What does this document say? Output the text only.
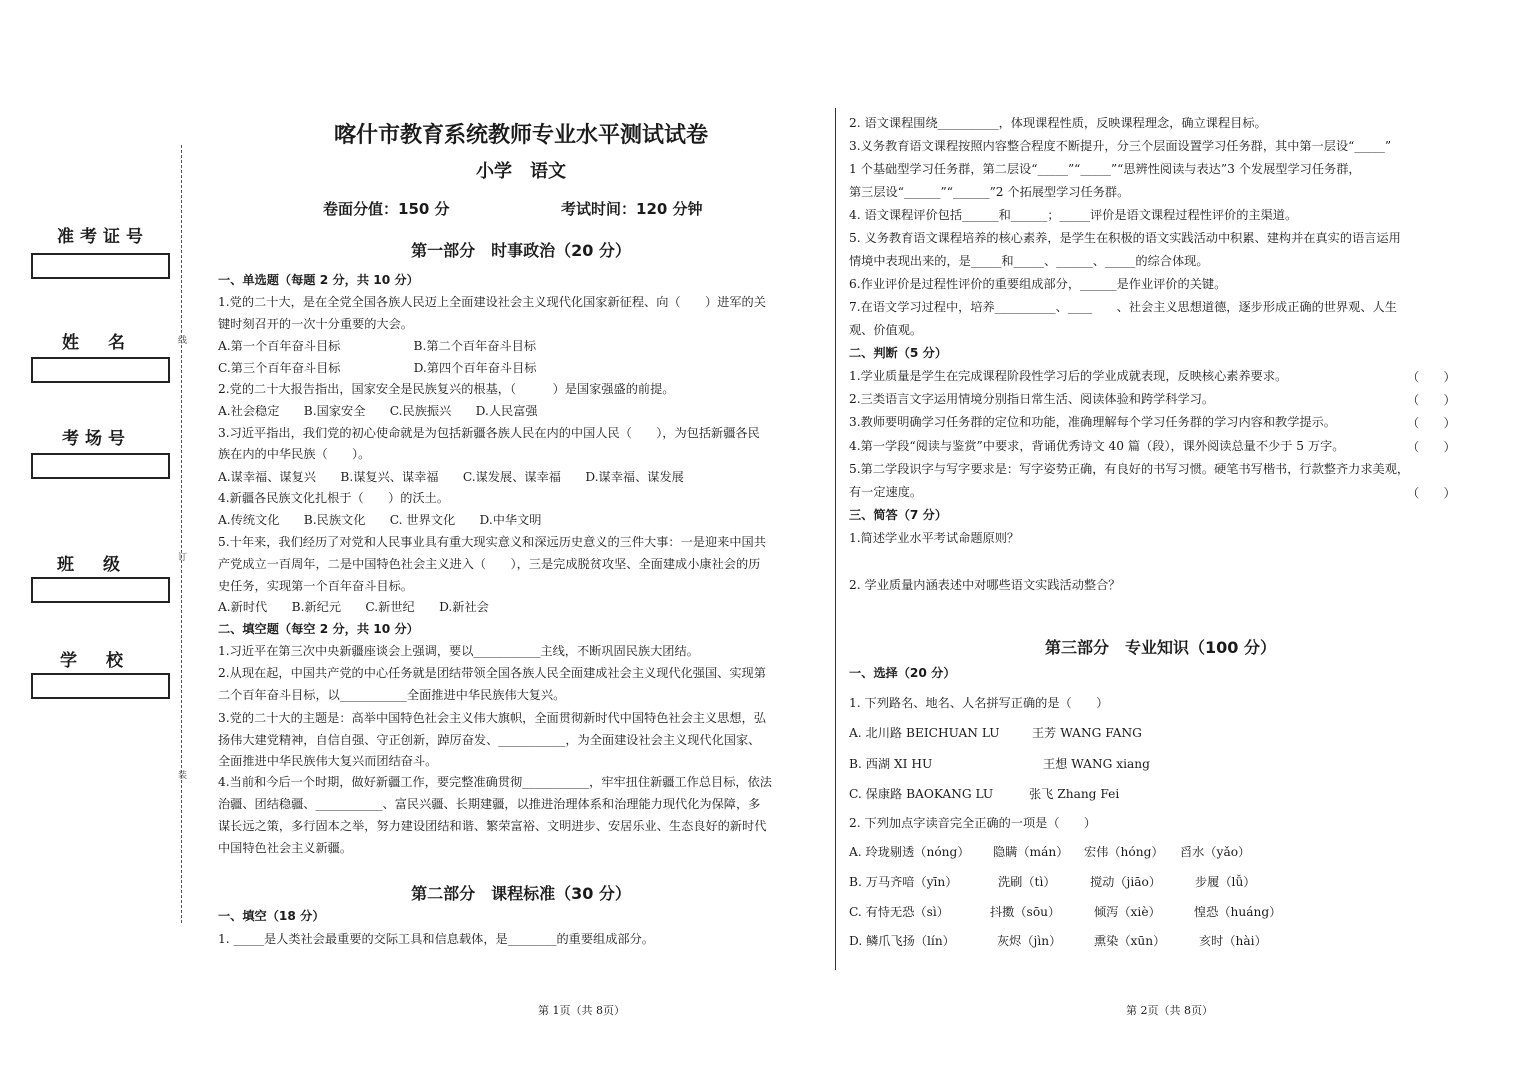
准考证号
姓　名
考场号
班　级
学　校
线
订
装
喀什市教育系统教师专业水平测试试卷
小学　语文
卷面分值：150 分	考试时间：120 分钟
第一部分　时事政治（20 分）
一、单选题（每题 2 分，共 10 分）
1.党的二十大，是在全党全国各族人民迈上全面建设社会主义现代化国家新征程、向（　　）进军的关
键时刻召开的一次十分重要的大会。
A.第一个百年奋斗目标　　　　　　B.第二个百年奋斗目标
C.第三个百年奋斗目标　　　　　　D.第四个百年奋斗目标
2.党的二十大报告指出，国家安全是民族复兴的根基，（　　　）是国家强盛的前提。
A.社会稳定　　B.国家安全　　C.民族振兴　　D.人民富强
3.习近平指出，我们党的初心使命就是为包括新疆各族人民在内的中国人民（　　），为包括新疆各民
族在内的中华民族（　　）。
A.谋幸福、谋复兴　　B.谋复兴、谋幸福　　C.谋发展、谋幸福　　D.谋幸福、谋发展
4.新疆各民族文化扎根于（　　）的沃土。
A.传统文化　　B.民族文化　　C. 世界文化　　D.中华文明
5.十年来，我们经历了对党和人民事业具有重大现实意义和深远历史意义的三件大事：一是迎来中国共
产党成立一百周年，二是中国特色社会主义进入（　　），三是完成脱贫攻坚、全面建成小康社会的历
史任务，实现第一个百年奋斗目标。
A.新时代　　B.新纪元　　C.新世纪　　D.新社会
二、填空题（每空 2 分，共 10 分）
1.习近平在第三次中央新疆座谈会上强调，要以___________主线，不断巩固民族大团结。
2.从现在起，中国共产党的中心任务就是团结带领全国各族人民全面建成社会主义现代化强国、实现第
二个百年奋斗目标，以___________全面推进中华民族伟大复兴。
3.党的二十大的主题是：高举中国特色社会主义伟大旗帜，全面贯彻新时代中国特色社会主义思想，弘
扬伟大建党精神，自信自强、守正创新，踔厉奋发、___________，为全面建设社会主义现代化国家、
全面推进中华民族伟大复兴而团结奋斗。
4.当前和今后一个时期，做好新疆工作，要完整准确贯彻___________，牢牢扭住新疆工作总目标，依法
治疆、团结稳疆、___________、富民兴疆、长期建疆，以推进治理体系和治理能力现代化为保障，多
谋长远之策，多行固本之举，努力建设团结和谐、繁荣富裕、文明进步、安居乐业、生态良好的新时代
中国特色社会主义新疆。
第二部分　课程标准（30 分）
一、填空（18 分）
1. _____是人类社会最重要的交际工具和信息载体，是________的重要组成部分。
2. 语文课程围绕__________，体现课程性质，反映课程理念，确立课程目标。
3.义务教育语文课程按照内容整合程度不断提升，分三个层面设置学习任务群，其中第一层设“_____”
1 个基础型学习任务群，第二层设“_____”“_____”“思辨性阅读与表达”3 个发展型学习任务群，
第三层设“______”“______”2 个拓展型学习任务群。
4. 语文课程评价包括______和______；_____评价是语文课程过程性评价的主渠道。
5. 义务教育语文课程培养的核心素养，是学生在积极的语文实践活动中积累、建构并在真实的语言运用
情境中表现出来的，是_____和_____、______、_____的综合体现。
6.作业评价是过程性评价的重要组成部分，______是作业评价的关键。
7.在语文学习过程中，培养__________、____　　、社会主义思想道德，逐步形成正确的世界观、人生
观、价值观。
二、判断（5 分）
1.学业质量是学生在完成课程阶段性学习后的学业成就表现，反映核心素养要求。	（　　）
2.三类语言文字运用情境分别指日常生活、阅读体验和跨学科学习。	（　　）
3.教师要明确学习任务群的定位和功能，准确理解每个学习任务群的学习内容和教学提示。	（　　）
4.第一学段“阅读与鉴赏”中要求，背诵优秀诗文 40 篇（段），课外阅读总量不少于 5 万字。	（　　）
5.第二学段识字与写字要求是：写字姿势正确，有良好的书写习惯。硬笔书写楷书，行款整齐力求美观，
有一定速度。	（　　）
三、简答（7 分）
1.简述学业水平考试命题原则？
2. 学业质量内涵表述中对哪些语文实践活动整合？
第三部分　专业知识（100 分）
一、选择（20 分）
1. 下列路名、地名、人名拼写正确的是（　　）
A. 北川路 BEICHUAN LU	王芳 WANG FANG
B. 西湖 XI HU	王想 WANG xiang
C. 保康路 BAOKANG LU	张飞 Zhang Fei
2. 下列加点字读音完全正确的一项是（　　）
A. 玲珑剔透（nóng） 隐瞒（mán） 宏伟（hóng） 舀水（yǎo）
B. 万马齐喑（yīn）	洗刷（tì）	搅动（jiāo）	步履（lǚ）
C. 有恃无恐（sì）	抖擞（sōu）	倾泻（xiè）	惶恐（huáng）
D. 鳞爪飞扬（lín）	灰烬（jìn）	熏染（xūn）	亥时（hài）
第 1页（共 8页）	第 2页（共 8页）
